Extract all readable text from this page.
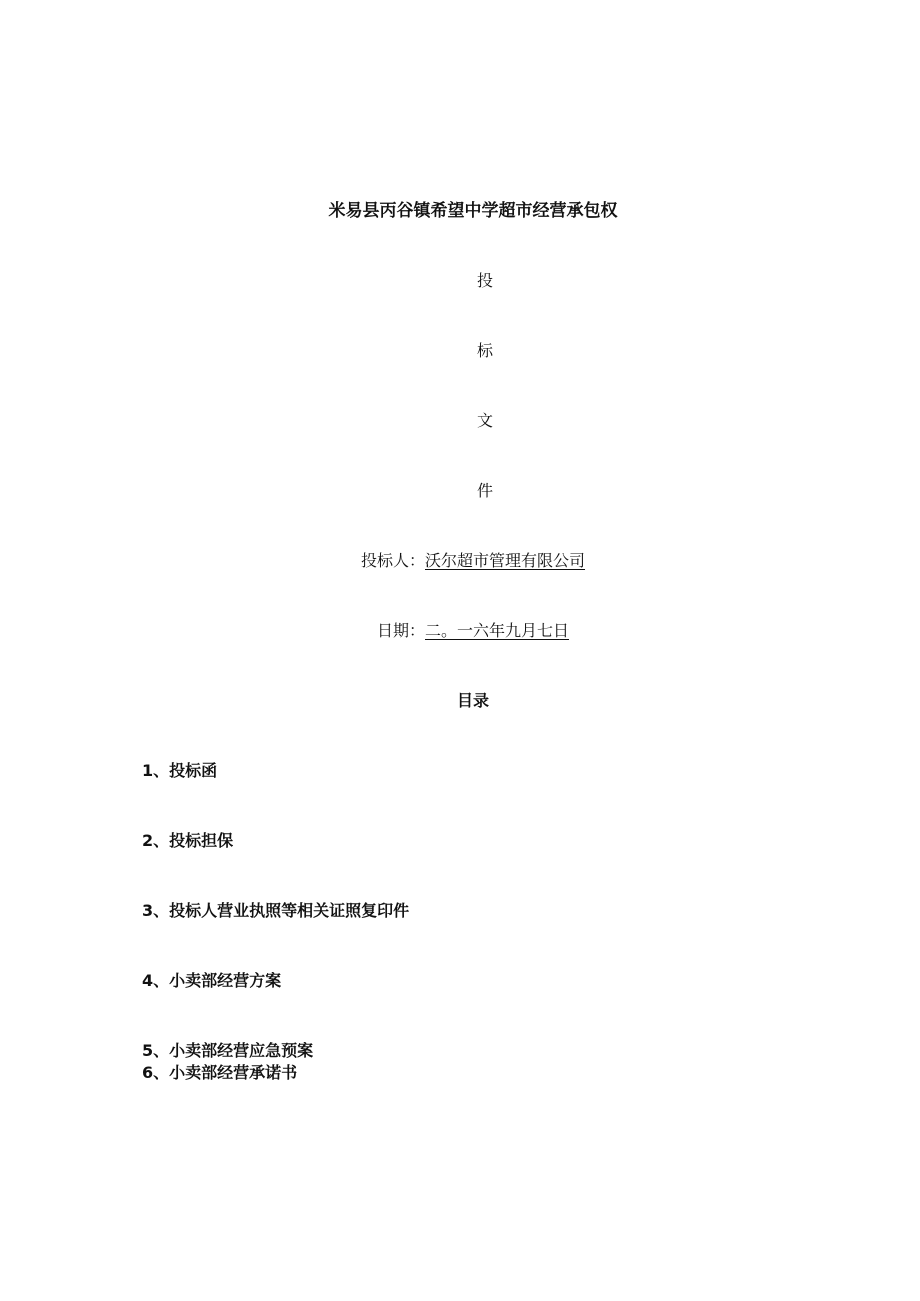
米易县丙谷镇希望中学超市经营承包权
投
标
文
件
投标人：沃尔超市管理有限公司
日期：二。一六年九月七日
目录
1、投标函
2、投标担保
3、投标人营业执照等相关证照复印件
4、小卖部经营方案
5、小卖部经营应急预案
6、小卖部经营承诺书
